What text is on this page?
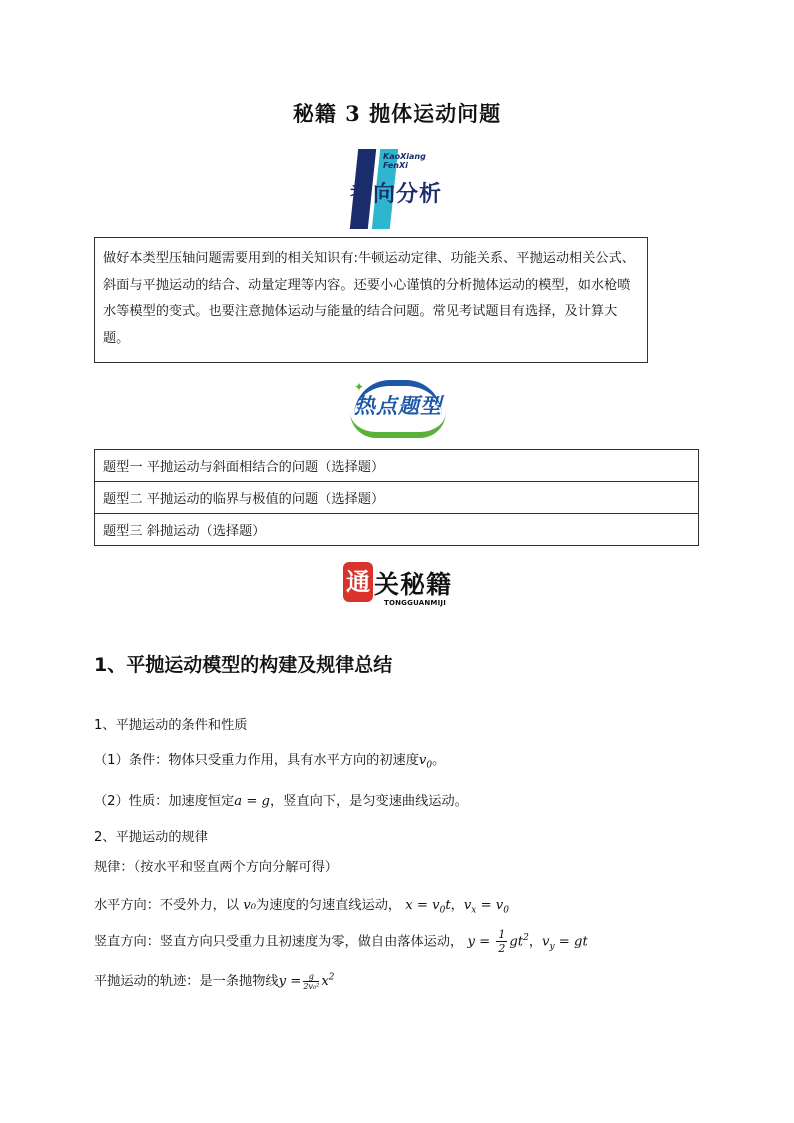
秘籍 3 抛体运动问题
KaoXiang
FenXi
考向分析
做好本类型压轴问题需要用到的相关知识有:牛顿运动定律、功能关系、平抛运动相关公式、斜面与平抛运动的结合、动量定理等内容。还要小心谨慎的分析抛体运动的模型，如水枪喷水等模型的变式。也要注意抛体运动与能量的结合问题。常见考试题目有选择，及计算大题。
✦
热点题型
题型一 平抛运动与斜面相结合的问题（选择题）
题型二 平抛运动的临界与极值的问题（选择题）
题型三 斜抛运动（选择题）
通 关秘籍
TONGGUANMIJI
1、平抛运动模型的构建及规律总结
1、平抛运动的条件和性质
（1）条件：物体只受重力作用，具有水平方向的初速度$v_0$。
（2）性质：加速度恒定a = g，竖直向下，是匀变速曲线运动。
2、平抛运动的规律
规律：（按水平和竖直两个方向分解可得）
水平方向：不受外力，以 v₀为速度的匀速直线运动， $x = v_0t$，$v_x = v_0$
竖直方向：竖直方向只受重力且初速度为零，做自由落体运动， $y = \frac{1}{2} gt^2$，$v_y$ = gt
平抛运动的轨迹：是一条抛物线$y = \frac{g}{\text{2v₀²}} x^2$
